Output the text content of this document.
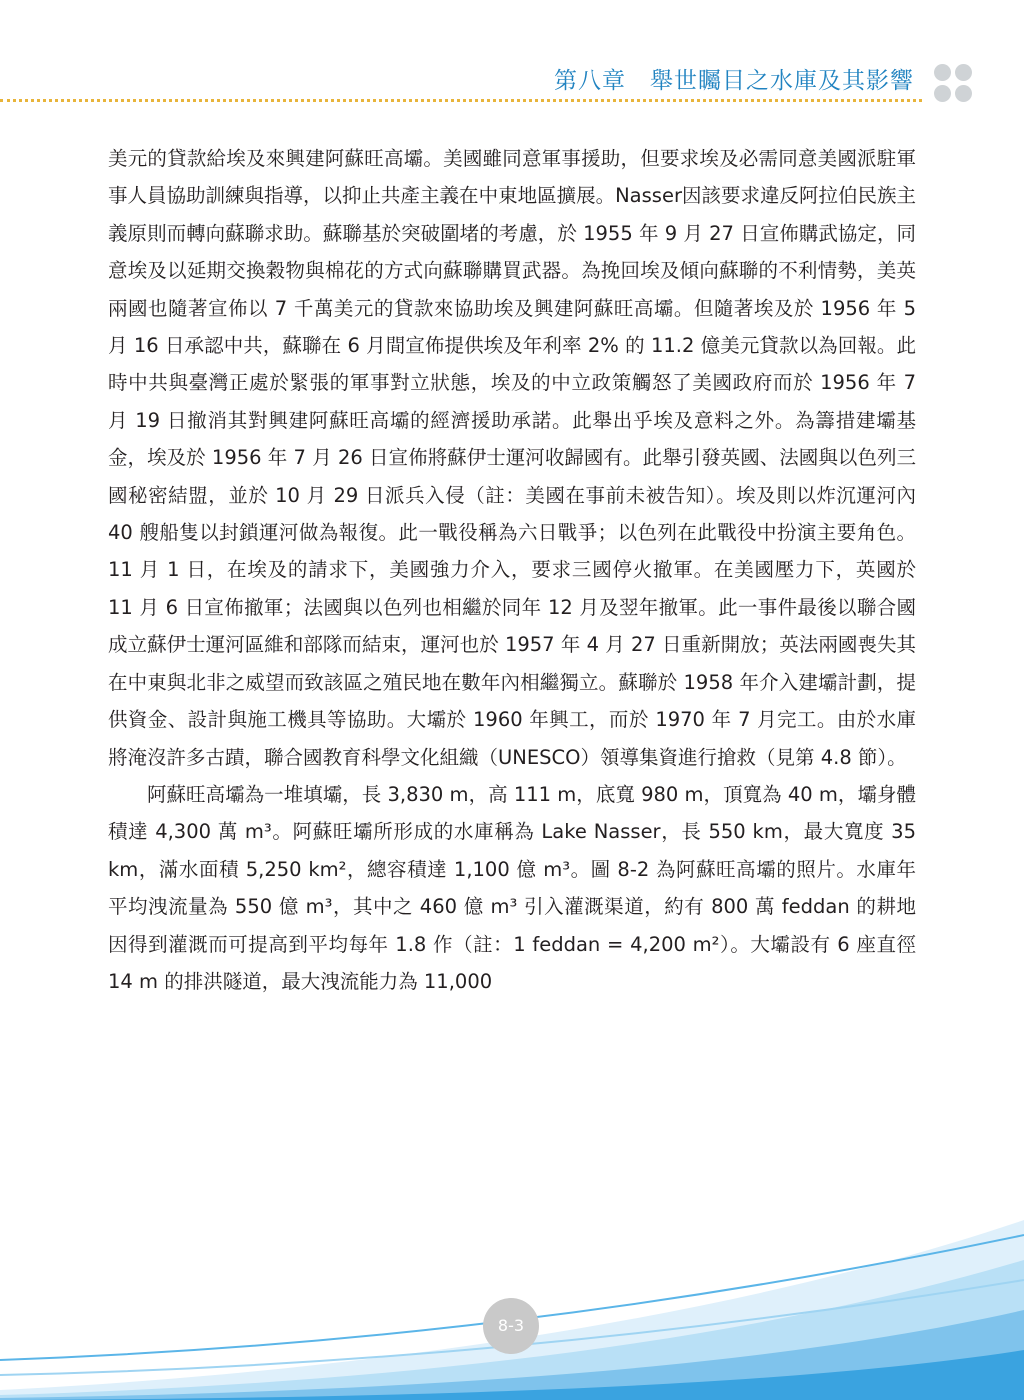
第八章　舉世矚目之水庫及其影響

美元的貸款給埃及來興建阿蘇旺高壩。美國雖同意軍事援助，但要求埃及必需同意美國派駐軍事人員協助訓練與指導，以抑止共產主義在中東地區擴展。Nasser因該要求違反阿拉伯民族主義原則而轉向蘇聯求助。蘇聯基於突破圍堵的考慮，於 1955 年 9 月 27 日宣佈購武協定，同意埃及以延期交換穀物與棉花的方式向蘇聯購買武器。為挽回埃及傾向蘇聯的不利情勢，美英兩國也隨著宣佈以 7 千萬美元的貸款來協助埃及興建阿蘇旺高壩。但隨著埃及於 1956 年 5 月 16 日承認中共，蘇聯在 6 月間宣佈提供埃及年利率 2% 的 11.2 億美元貸款以為回報。此時中共與臺灣正處於緊張的軍事對立狀態，埃及的中立政策觸怒了美國政府而於 1956 年 7 月 19 日撤消其對興建阿蘇旺高壩的經濟援助承諾。此舉出乎埃及意料之外。為籌措建壩基金，埃及於 1956 年 7 月 26 日宣佈將蘇伊士運河收歸國有。此舉引發英國、法國與以色列三國秘密結盟，並於 10 月 29 日派兵入侵（註：美國在事前未被告知）。埃及則以炸沉運河內 40 艘船隻以封鎖運河做為報復。此一戰役稱為六日戰爭；以色列在此戰役中扮演主要角色。11 月 1 日，在埃及的請求下，美國強力介入，要求三國停火撤軍。在美國壓力下，英國於 11 月 6 日宣佈撤軍；法國與以色列也相繼於同年 12 月及翌年撤軍。此一事件最後以聯合國成立蘇伊士運河區維和部隊而結束，運河也於 1957 年 4 月 27 日重新開放；英法兩國喪失其在中東與北非之威望而致該區之殖民地在數年內相繼獨立。蘇聯於 1958 年介入建壩計劃，提供資金、設計與施工機具等協助。大壩於 1960 年興工，而於 1970 年 7 月完工。由於水庫將淹沒許多古蹟，聯合國教育科學文化組織（UNESCO）領導集資進行搶救（見第 4.8 節）。

阿蘇旺高壩為一堆填壩，長 3,830 m，高 111 m，底寬 980 m，頂寬為 40 m，壩身體積達 4,300 萬 m³。阿蘇旺壩所形成的水庫稱為 Lake Nasser，長 550 km，最大寬度 35 km，滿水面積 5,250 km²，總容積達 1,100 億 m³。圖 8-2 為阿蘇旺高壩的照片。水庫年平均洩流量為 550 億 m³，其中之 460 億 m³ 引入灌溉渠道，約有 800 萬 feddan 的耕地因得到灌溉而可提高到平均每年 1.8 作（註：1 feddan = 4,200 m²）。大壩設有 6 座直徑 14 m 的排洪隧道，最大洩流能力為 11,000

8-3
